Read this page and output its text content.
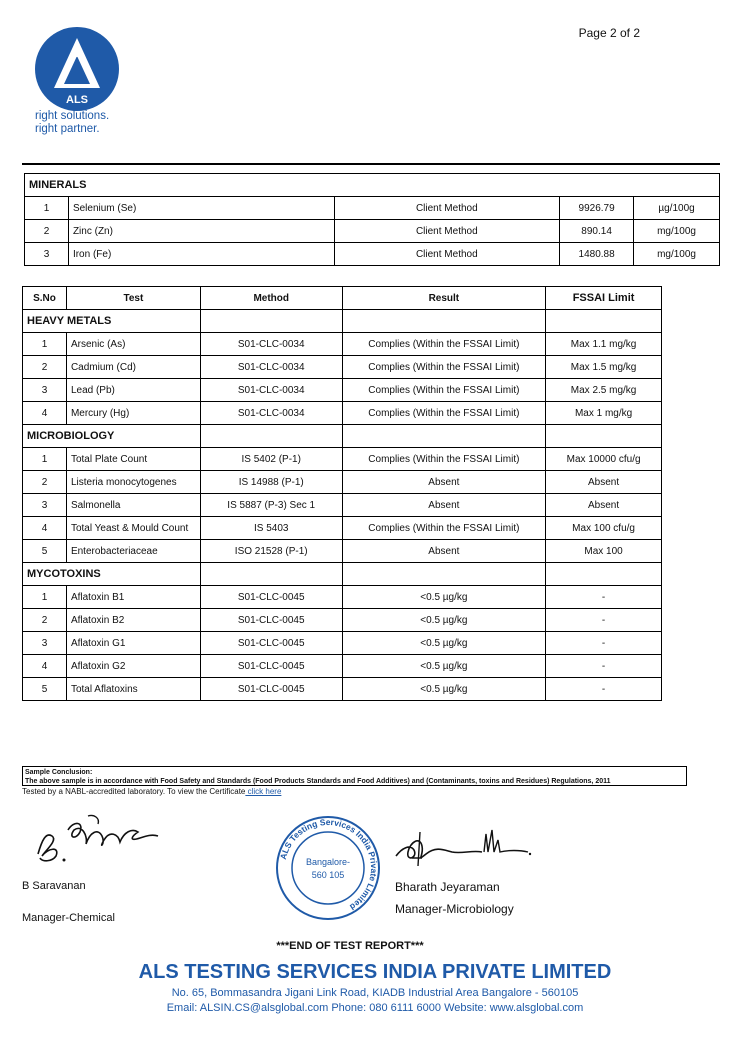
Page 2 of 2
ALS
right solutions.
right partner.
MINERALS				
1	Selenium (Se)	Client Method	9926.79	µg/100g
2	Zinc (Zn)	Client Method	890.14	mg/100g
3	Iron (Fe)	Client Method	1480.88	mg/100g
S.No	Test	Method	Result	FSSAI Limit
HEAVY METALS				
1	Arsenic (As)	S01-CLC-0034	Complies (Within the FSSAI Limit)	Max 1.1 mg/kg
2	Cadmium (Cd)	S01-CLC-0034	Complies (Within the FSSAI Limit)	Max 1.5 mg/kg
3	Lead (Pb)	S01-CLC-0034	Complies (Within the FSSAI Limit)	Max 2.5 mg/kg
4	Mercury (Hg)	S01-CLC-0034	Complies (Within the FSSAI Limit)	Max 1 mg/kg
MICROBIOLOGY				
1	Total Plate Count	IS 5402 (P-1)	Complies (Within the FSSAI Limit)	Max 10000 cfu/g
2	Listeria monocytogenes	IS 14988 (P-1)	Absent	Absent
3	Salmonella	IS 5887 (P-3) Sec 1	Absent	Absent
4	Total Yeast & Mould Count	IS 5403	Complies (Within the FSSAI Limit)	Max 100 cfu/g
5	Enterobacteriaceae	ISO 21528 (P-1)	Absent	Max 100
MYCOTOXINS				
1	Aflatoxin B1	S01-CLC-0045	<0.5 µg/kg	-
2	Aflatoxin B2	S01-CLC-0045	<0.5 µg/kg	-
3	Aflatoxin G1	S01-CLC-0045	<0.5 µg/kg	-
4	Aflatoxin G2	S01-CLC-0045	<0.5 µg/kg	-
5	Total Aflatoxins	S01-CLC-0045	<0.5 µg/kg	-
Sample Conclusion:
The above sample is in accordance with Food Safety and Standards (Food Products Standards and Food Additives) and (Contaminants, toxins and Residues) Regulations, 2011
Tested by a NABL-accredited laboratory. To view the Certificate click here
ALS Testing Services India Private Limited
Bangalore-
560 105
B Saravanan
Manager-Chemical
Bharath Jeyaraman
Manager-Microbiology
***END OF TEST REPORT***
ALS TESTING SERVICES INDIA PRIVATE LIMITED
No. 65, Bommasandra Jigani Link Road, KIADB Industrial Area Bangalore - 560105
Email: ALSIN.CS@alsglobal.com Phone: 080 6111 6000 Website: www.alsglobal.com
